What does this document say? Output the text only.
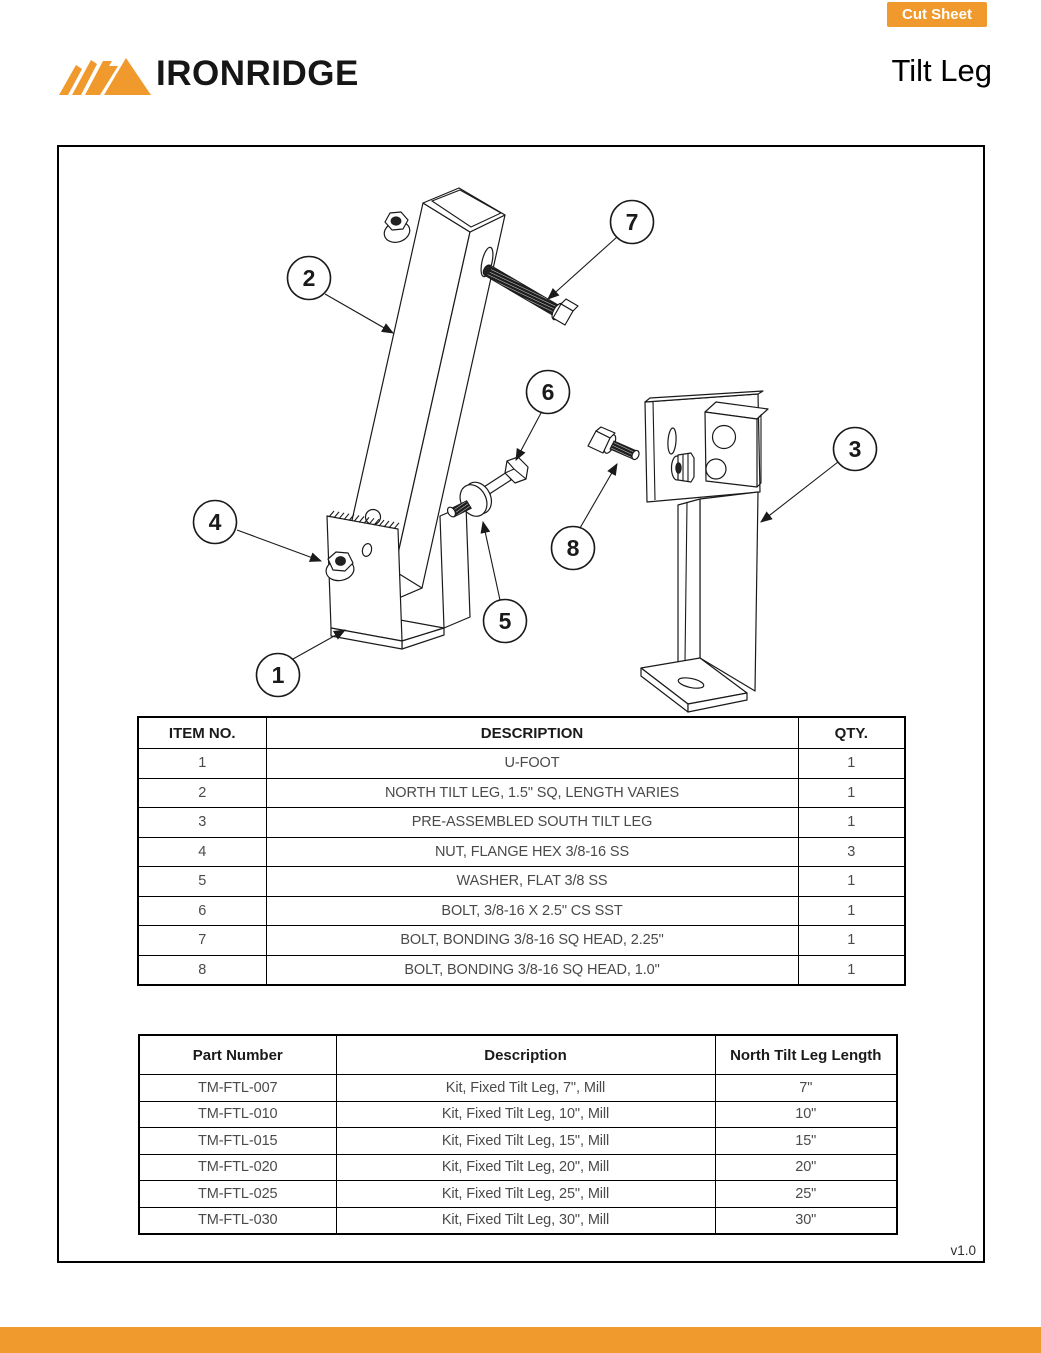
Cut Sheet
IRONRIDGE	Tilt Leg
1
2
3
4
5
6
7
8
ITEM NO.	DESCRIPTION	QTY.
1	U-FOOT	1
2	NORTH TILT LEG, 1.5" SQ, LENGTH VARIES	1
3	PRE-ASSEMBLED SOUTH TILT LEG	1
4	NUT, FLANGE HEX 3/8-16 SS	3
5	WASHER, FLAT 3/8 SS	1
6	BOLT, 3/8-16 X 2.5" CS SST	1
7	BOLT, BONDING 3/8-16 SQ HEAD, 2.25"	1
8	BOLT, BONDING 3/8-16 SQ HEAD, 1.0"	1
Part Number	Description	North Tilt Leg Length
TM-FTL-007	Kit, Fixed Tilt Leg, 7", Mill	7"
TM-FTL-010	Kit, Fixed Tilt Leg, 10", Mill	10"
TM-FTL-015	Kit, Fixed Tilt Leg, 15", Mill	15"
TM-FTL-020	Kit, Fixed Tilt Leg, 20", Mill	20"
TM-FTL-025	Kit, Fixed Tilt Leg, 25", Mill	25"
TM-FTL-030	Kit, Fixed Tilt Leg, 30", Mill	30"
v1.0
